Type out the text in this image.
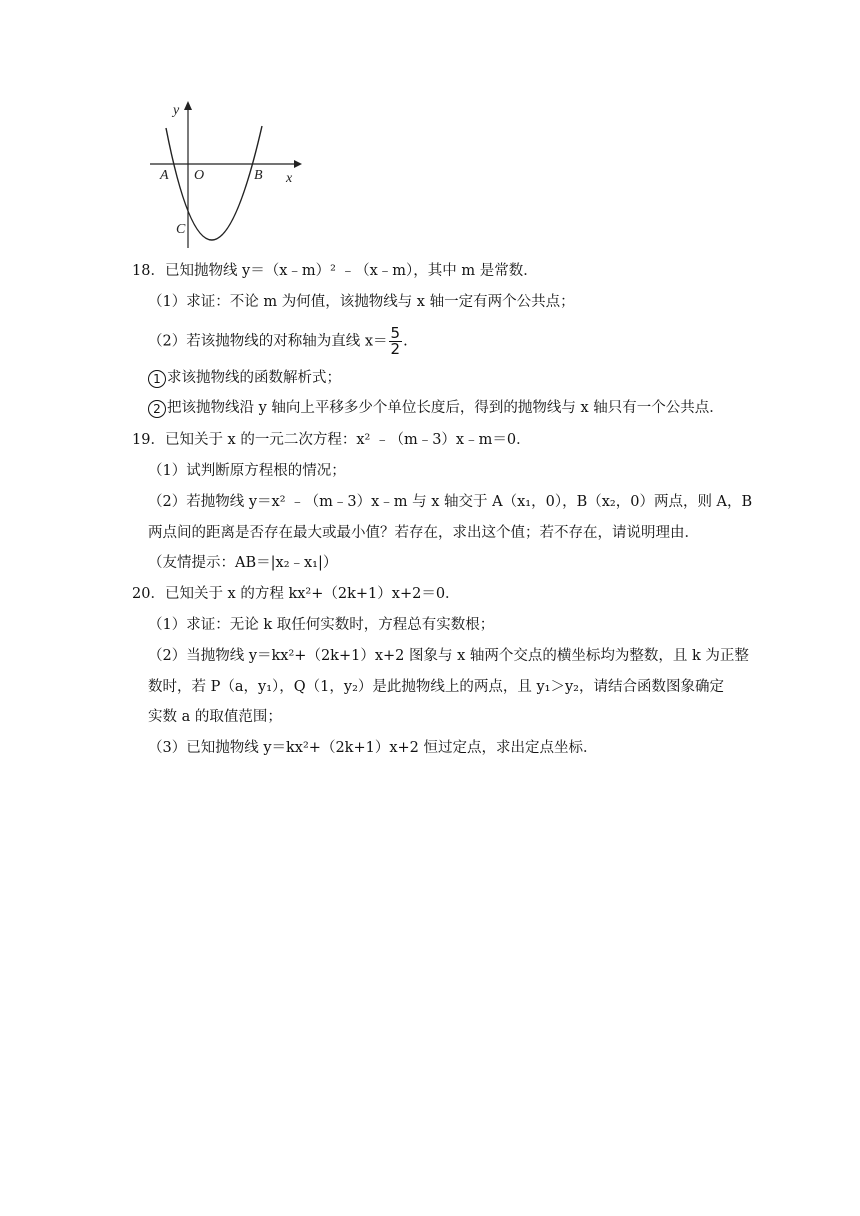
y
x
A O	B
C
18．已知抛物线 y＝（x﹣m）² ﹣（x﹣m），其中 m 是常数．
（1）求证：不论 m 为何值，该抛物线与 x 轴一定有两个公共点；
（2）若该抛物线的对称轴为直线 $x= \frac{5}{2}$ .
1 求该抛物线的函数解析式；
2 把该抛物线沿 y 轴向上平移多少个单位长度后，得到的抛物线与 x 轴只有一个公共点．
19．已知关于 x 的一元二次方程：x² ﹣（m﹣3）x﹣m＝0．
（1）试判断原方程根的情况；
（2）若抛物线 y＝x² ﹣（m﹣3）x﹣m 与 x 轴交于 A（x₁，0），B（x₂，0）两点，则 A，B
两点间的距离是否存在最大或最小值？若存在，求出这个值；若不存在，请说明理由．
（友情提示：AB＝|x₂﹣x₁|）
20．已知关于 x 的方程 kx²+（2k+1）x+2＝0．
（1）求证：无论 k 取任何实数时，方程总有实数根；
（2）当抛物线 y＝kx²+（2k+1）x+2 图象与 x 轴两个交点的横坐标均为整数，且 k 为正整
数时，若 P（a，y₁），Q（1，y₂）是此抛物线上的两点，且 y₁＞y₂，请结合函数图象确定
实数 a 的取值范围；
（3）已知抛物线 y＝kx²+（2k+1）x+2 恒过定点，求出定点坐标．
